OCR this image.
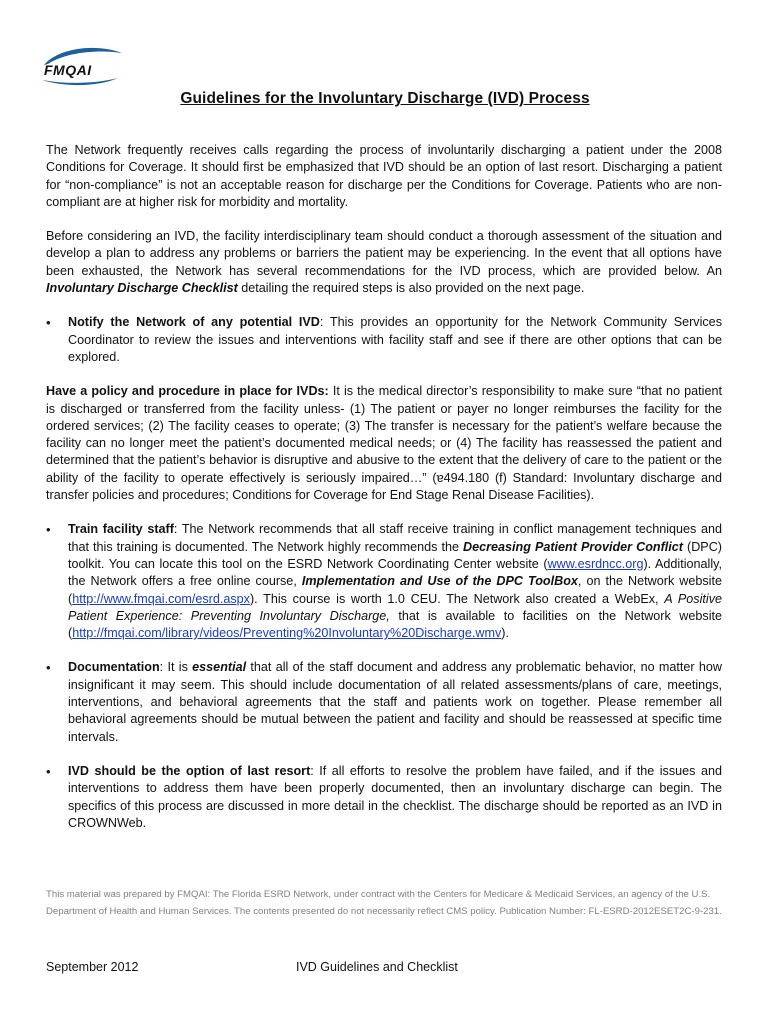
FMQAI
Guidelines for the Involuntary Discharge (IVD) Process

The Network frequently receives calls regarding the process of involuntarily discharging a patient under the 2008 Conditions for Coverage. It should first be emphasized that IVD should be an option of last resort. Discharging a patient for “non-compliance” is not an acceptable reason for discharge per the Conditions for Coverage. Patients who are non-compliant are at higher risk for morbidity and mortality.

Before considering an IVD, the facility interdisciplinary team should conduct a thorough assessment of the situation and develop a plan to address any problems or barriers the patient may be experiencing. In the event that all options have been exhausted, the Network has several recommendations for the IVD process, which are provided below. An Involuntary Discharge Checklist detailing the required steps is also provided on the next page.

• Notify the Network of any potential IVD: This provides an opportunity for the Network Community Services Coordinator to review the issues and interventions with facility staff and see if there are other options that can be explored.

Have a policy and procedure in place for IVDs: It is the medical director’s responsibility to make sure “that no patient is discharged or transferred from the facility unless- (1) The patient or payer no longer reimburses the facility for the ordered services; (2) The facility ceases to operate; (3) The transfer is necessary for the patient’s welfare because the facility can no longer meet the patient’s documented medical needs; or (4) The facility has reassessed the patient and determined that the patient’s behavior is disruptive and abusive to the extent that the delivery of care to the patient or the ability of the facility to operate effectively is seriously impaired…” (ɐ494.180 (f) Standard: Involuntary discharge and transfer policies and procedures; Conditions for Coverage for End Stage Renal Disease Facilities).

• Train facility staff: The Network recommends that all staff receive training in conflict management techniques and that this training is documented. The Network highly recommends the Decreasing Patient Provider Conflict (DPC) toolkit. You can locate this tool on the ESRD Network Coordinating Center website (www.esrdncc.org). Additionally, the Network offers a free online course, Implementation and Use of the DPC ToolBox, on the Network website (http://www.fmqai.com/esrd.aspx). This course is worth 1.0 CEU. The Network also created a WebEx, A Positive Patient Experience: Preventing Involuntary Discharge, that is available to facilities on the Network website (http://fmqai.com/library/videos/Preventing%20Involuntary%20Discharge.wmv).
• Documentation: It is essential that all of the staff document and address any problematic behavior, no matter how insignificant it may seem. This should include documentation of all related assessments/plans of care, meetings, interventions, and behavioral agreements that the staff and patients work on together. Please remember all behavioral agreements should be mutual between the patient and facility and should be reassessed at specific time intervals.
• IVD should be the option of last resort: If all efforts to resolve the problem have failed, and if the issues and interventions to address them have been properly documented, then an involuntary discharge can begin. The specifics of this process are discussed in more detail in the checklist. The discharge should be reported as an IVD in CROWNWeb.
This material was prepared by FMQAI: The Florida ESRD Network, under contract with the Centers for Medicare & Medicaid Services, an agency of the U.S. Department of Health and Human Services. The contents presented do not necessarily reflect CMS policy. Publication Number: FL-ESRD-2012ESET2C-9-231.
September 2012	IVD Guidelines and Checklist
